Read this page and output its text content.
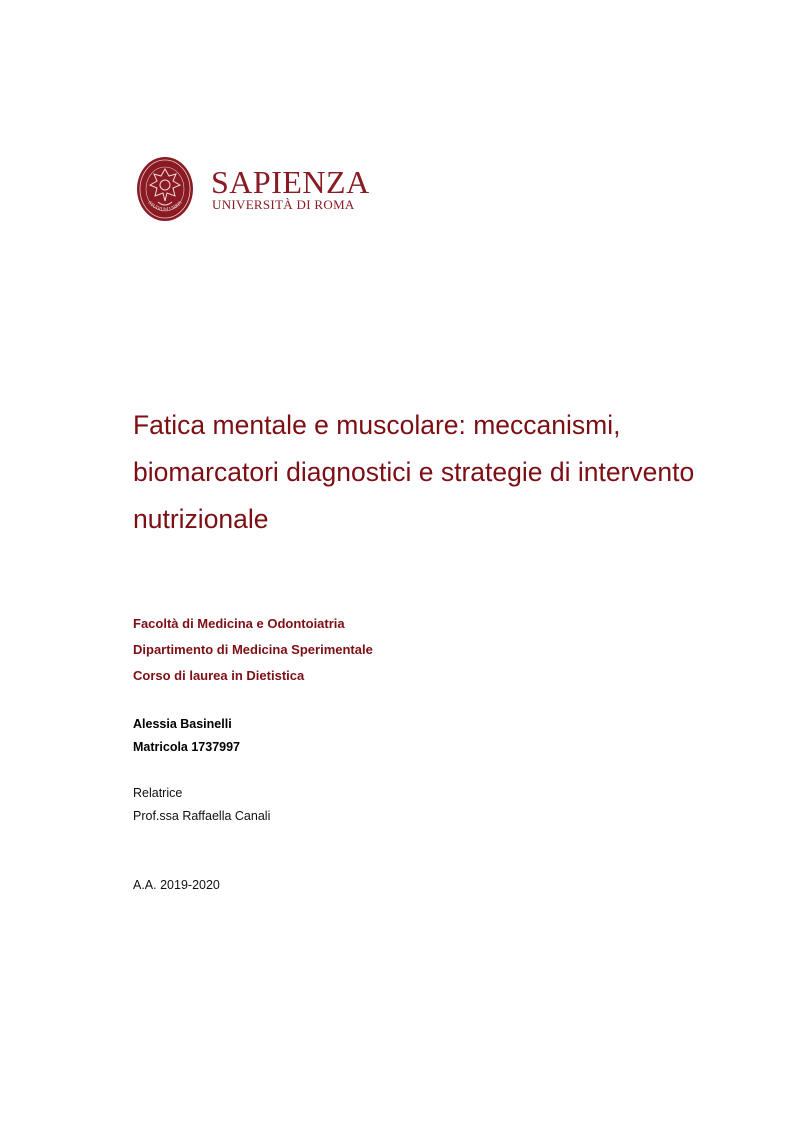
STUDIUM URBIS
SAPIENZA
UNIVERSITÀ DI ROMA
Fatica mentale e muscolare: meccanismi, biomarcatori diagnostici e strategie di intervento nutrizionale
Facoltà di Medicina e Odontoiatria
Dipartimento di Medicina Sperimentale
Corso di laurea in Dietistica
Alessia Basinelli
Matricola 1737997
Relatrice
Prof.ssa Raffaella Canali
A.A. 2019-2020
